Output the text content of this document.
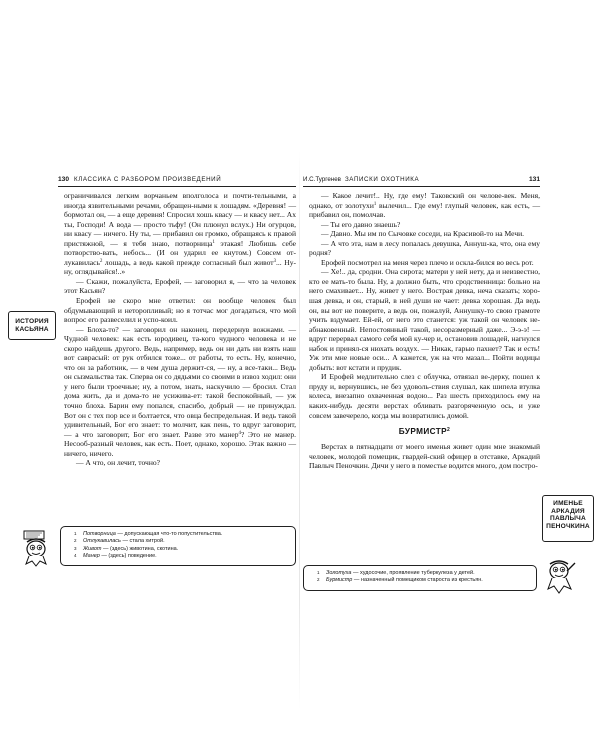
130 КЛАССИКА С РАЗБОРОМ ПРОИЗВЕДЕНИЙ
ИСТОРИЯ
КАСЬЯНА

ограничивался легким ворчаньем вполголоса и почти-тельными, а иногда язвительными речами, обращен-ными к лошадям. «Деревня! — бормотал он, — а еще деревня! Спросил хошь квасу — и квасу нет... Ах ты, Господи! А вода — просто тьфу! (Он плюнул вслух.) Ни огурцов, ни квасу — ничего. Ну ты, — прибавил он громко, обращаясь к правой пристяжной, — я тебя знаю, потворница$^1$ этакая! Любишь себе потворство-вать, небось... (И он ударил ее кнутом.) Совсем от-лукавилась$^2$ лошадь, а ведь какой прежде согласный был живот$^3$... Ну-ну, оглядывайся!..»

— Скажи, пожалуйста, Ерофей, — заговорил я, — что за человек этот Касьян?

Ерофей не скоро мне ответил: он вообще человек был обдумывающий и неторопливый; но я тотчас мог догадаться, что мой вопрос его развеселил и успо-коил.

— Блоха-то? — заговорил он наконец, передернув вожжами. — Чудной человек: как есть юродивец, та-кого чудного человека и не скоро найдешь другого. Ведь, например, ведь он ни дать ни взять наш вот саврасый: от рук отбился тоже... от работы, то есть. Ну, конечно, что он за работник, — в чем душа держит-ся, — ну, а все-таки... Ведь он сызмальства так. Сперва он со дядьями со своими в извоз ходил: они у него были троечные; ну, а потом, знать, наскучило — бросил. Стал дома жить, да и дома-то не усижива-ет: такой беспокойный, — уж точно блоха. Барин ему попался, спасибо, добрый — не принуждал. Вот он с тех пор все и болтается, что овца беспредельная. И ведь такой удивительный, Бог его знает: то молчит, как пень, то вдруг заговорит, — а что заговорит, Бог его знает. Разве это манер$^4$? Это не манер. Несооб-разный человек, как есть. Поет, однако, хорошо. Этак важно — ничего, ничего.

— А что, он лечит, точно?

1 Потворница — допускающая что-то попустительства.
2 Отлукавилась — стала хитрой.
3 Живот — (здесь) животина, скотина.
4 Манер — (здесь) поведение.
И.С.Тургенев ЗАПИСКИ ОХОТНИКА	131

— Какое лечит!.. Ну, где ему! Таковский он челове-век. Меня, однако, от золотухи$^1$ вылечил... Где ему! глупый человек, как есть, — прибавил он, помолчав.

— Ты его давно знаешь?

— Давно. Мы им по Сычовке соседи, на Красивой-то на Мечи.

— А что эта, нам в лесу попалась девушка, Аннуш-ка, что, она ему родня?

Ерофей посмотрел на меня через плечо и оскла-бился во весь рот.

— Хе!.. да, сродни. Она сирота; матери у ней нету, да и неизвестно, кто ее мать-то была. Ну, а должно быть, что сродственница: больно на него смахивает... Ну, живет у него. Вострая девка, неча сказать; хоро-шая девка, и он, старый, в ней души не чает: девка хорошая. Да ведь он, вы вот не поверите, а ведь он, пожалуй, Аннушку-то свою грамоте учить вздумает. Ей-ей, от него это станется: уж такой он человек не-абнаковенный. Непостоянный такой, несоразмерный даже... Э-э-э! — вдруг перервал самого себя мой ку-чер и, остановив лошадей, нагнулся набок и принял-ся нюхать воздух. — Никак, гарью пахнет? Так и есть! Уж эти мне новые оси... А кажется, уж на что мазал... Пойти водицы добыть: вот кстати и прудик.

И Ерофей медлительно слез с облучка, отвязал ве-дерку, пошел к пруду и, вернувшись, не без удоволь-ствия слушал, как шипела втулка колеса, внезапно охваченная водою... Раз шесть приходилось ему на каких-нибудь десяти верстах обливать разгоряченную ось, и уже совсем завечерело, когда мы возвратились домой.

БУРМИСТР$^2$

Верстах в пятнадцати от моего именья живет один мне знакомый человек, молодой помещик, гвардей-ский офицер в отставке, Аркадий Павлыч Пеночкин. Дичи у него в поместье водится много, дом постро-

ИМЕНЬЕ
АРКАДИЯ
ПАВЛЫЧА
ПЕНОЧКИНА
1 Золотуха — худосочие, проявление туберкулеза у детей.
2 Бурмистр — назначенный помещиком староста из крестьян.
